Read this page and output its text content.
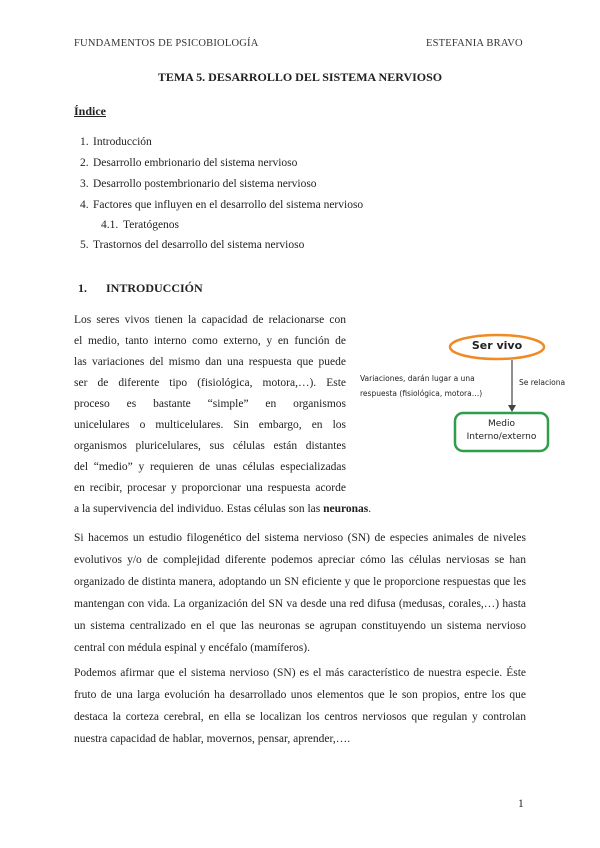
FUNDAMENTOS DE PSICOBIOLOGÍA	ESTEFANIA BRAVO
TEMA 5. DESARROLLO DEL SISTEMA NERVIOSO
Índice
1. Introducción
2. Desarrollo embrionario del sistema nervioso
3. Desarrollo postembrionario del sistema nervioso
4. Factores que influyen en el desarrollo del sistema nervioso
4.1. Teratógenos
5. Trastornos del desarrollo del sistema nervioso
1. INTRODUCCIÓN
Los seres vivos tienen la capacidad de relacionarse con
el medio, tanto interno como externo, y en función de
las variaciones del mismo dan una respuesta que puede
ser de diferente tipo (fisiológica, motora,…). Este
proceso es bastante “simple” en organismos
unicelulares o multicelulares. Sin embargo, en los
organismos pluricelulares, sus células están distantes
del “medio” y requieren de unas células especializadas
en recibir, procesar y proporcionar una respuesta acorde
a la supervivencia del individuo. Estas células son las neuronas.
Ser vivo
Medio
Interno/externo
Se relaciona
Variaciones, darán lugar a una
respuesta (fisiológica, motora…)
Si hacemos un estudio filogenético del sistema nervioso (SN) de especies animales de niveles evolutivos y/o de complejidad diferente podemos apreciar cómo las células nerviosas se han organizado de distinta manera, adoptando un SN eficiente y que le proporcione respuestas que les mantengan con vida. La organización del SN va desde una red difusa (medusas, corales,…) hasta un sistema centralizado en el que las neuronas se agrupan constituyendo un sistema nervioso central con médula espinal y encéfalo (mamíferos).
Podemos afirmar que el sistema nervioso (SN) es el más característico de nuestra especie. Éste fruto de una larga evolución ha desarrollado unos elementos que le son propios, entre los que destaca la corteza cerebral, en ella se localizan los centros nerviosos que regulan y controlan nuestra capacidad de hablar, movernos, pensar, aprender,….
1
